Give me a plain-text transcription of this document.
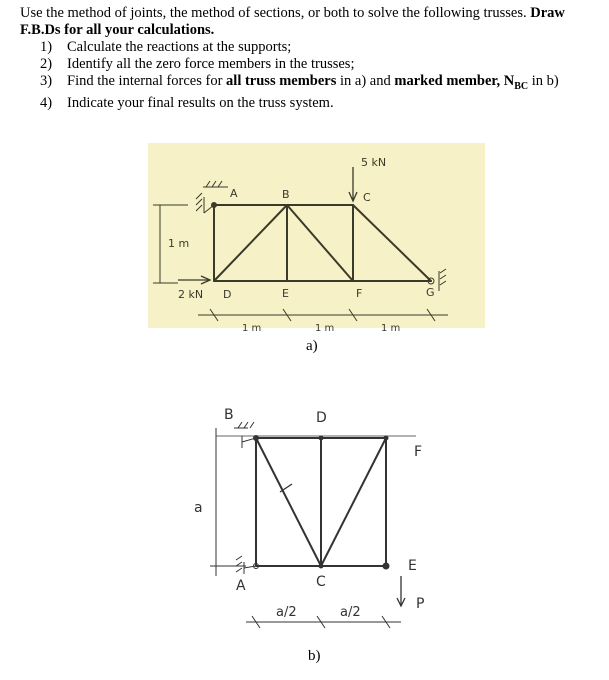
Use the method of joints, the method of sections, or both to solve the following trusses. Draw F.B.Ds for all your calculations.

1) Calculate the reactions at the supports;
2) Identify all the zero force members in the trusses;
3) Find the internal forces for all truss members in a) and marked member, $N_{BC}$ in b)
4) Indicate your final results on the truss system.
A	B	C
D	E	F	G
5 kN
2 kN
1 m
1 m	1 m	1 m
a)
B	D
F
a
A	C
E
P
a/2	a/2
b)
